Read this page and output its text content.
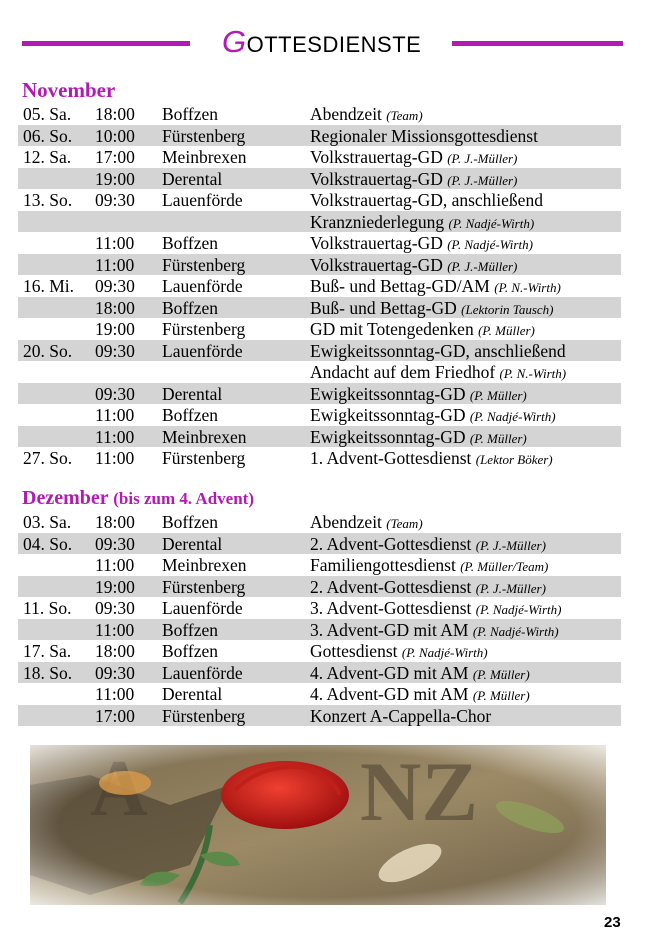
GOTTESDIENSTE
November
05. Sa. 18:00 Boffzen	Abendzeit (Team)
06. So. 10:00 Fürstenberg	Regionaler Missionsgottesdienst
12. Sa. 17:00 Meinbrexen	Volkstrauertag-GD (P. J.-Müller)
19:00 Derental	Volkstrauertag-GD (P. J.-Müller)
13. So. 09:30 Lauenförde	Volkstrauertag-GD, anschließend
Kranzniederlegung (P. Nadjé-Wirth)
11:00 Boffzen	Volkstrauertag-GD (P. Nadjé-Wirth)
11:00 Fürstenberg	Volkstrauertag-GD (P. J.-Müller)
16. Mi. 09:30 Lauenförde	Buß- und Bettag-GD/AM (P. N.-Wirth)
18:00 Boffzen	Buß- und Bettag-GD (Lektorin Tausch)
19:00 Fürstenberg	GD mit Totengedenken (P. Müller)
20. So. 09:30 Lauenförde	Ewigkeitssonntag-GD, anschließend
Andacht auf dem Friedhof (P. N.-Wirth)
09:30 Derental	Ewigkeitssonntag-GD (P. Müller)
11:00 Boffzen	Ewigkeitssonntag-GD (P. Nadjé-Wirth)
11:00 Meinbrexen	Ewigkeitssonntag-GD (P. Müller)
27. So. 11:00 Fürstenberg	1. Advent-Gottesdienst (Lektor Böker)
Dezember (bis zum 4. Advent)
03. Sa. 18:00 Boffzen	Abendzeit (Team)
04. So. 09:30 Derental	2. Advent-Gottesdienst (P. J.-Müller)
11:00 Meinbrexen	Familiengottesdienst (P. Müller/Team)
19:00 Fürstenberg	2. Advent-Gottesdienst (P. J.-Müller)
11. So. 09:30 Lauenförde	3. Advent-Gottesdienst (P. Nadjé-Wirth)
11:00 Boffzen	3. Advent-GD mit AM (P. Nadjé-Wirth)
17. Sa. 18:00 Boffzen	Gottesdienst (P. Nadjé-Wirth)
18. So. 09:30 Lauenförde	4. Advent-GD mit AM (P. Müller)
11:00 Derental	4. Advent-GD mit AM (P. Müller)
17:00 Fürstenberg	Konzert A-Cappella-Chor
23
